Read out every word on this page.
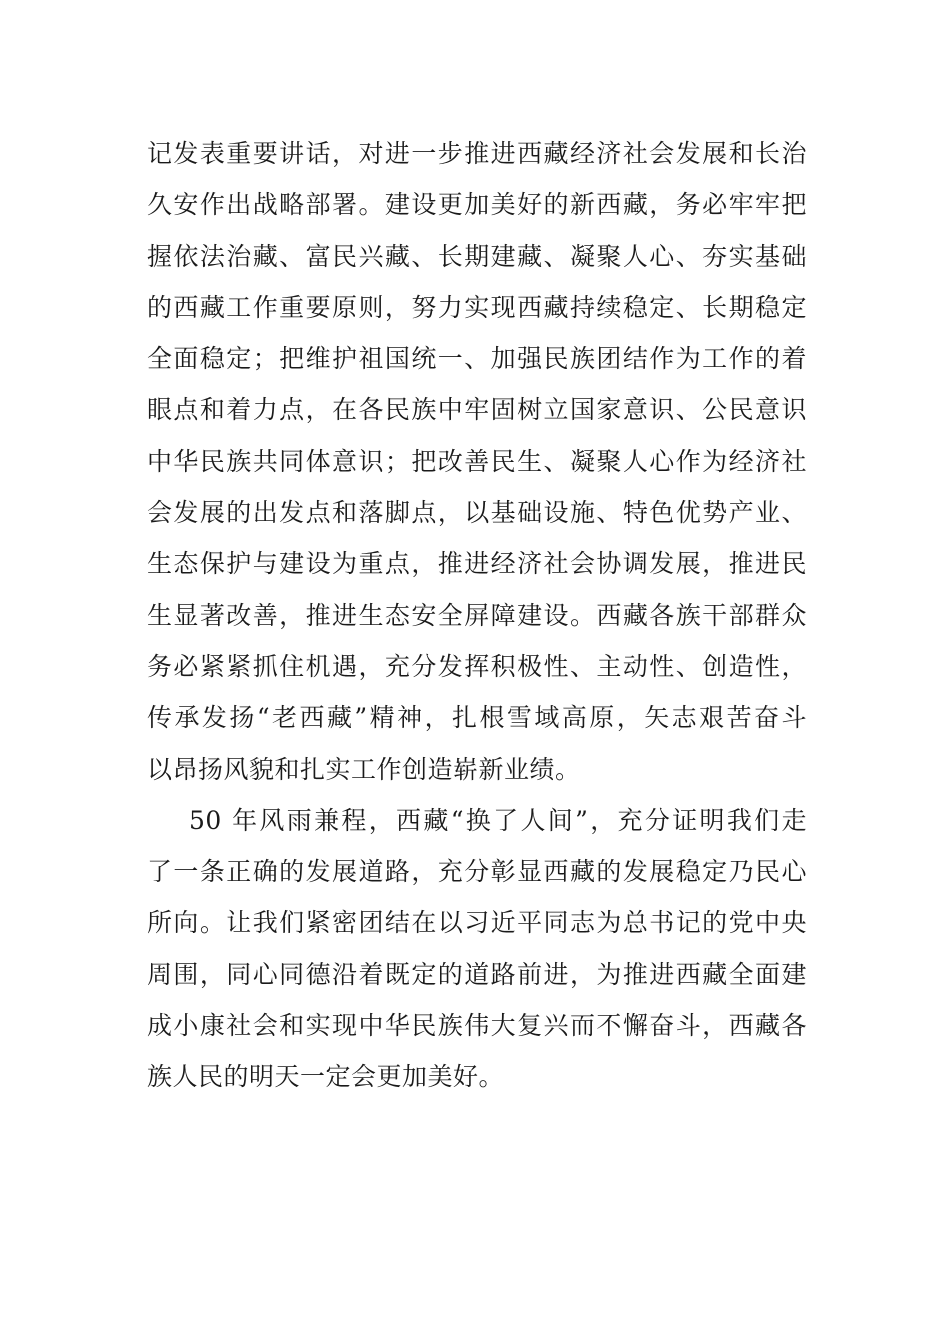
记发表重要讲话，对进一步推进西藏经济社会发展和长治
久安作出战略部署。建设更加美好的新西藏，务必牢牢把
握依法治藏、富民兴藏、长期建藏、凝聚人心、夯实基础
的西藏工作重要原则，努力实现西藏持续稳定、长期稳定
全面稳定；把维护祖国统一、加强民族团结作为工作的着
眼点和着力点，在各民族中牢固树立国家意识、公民意识
中华民族共同体意识；把改善民生、凝聚人心作为经济社
会发展的出发点和落脚点，以基础设施、特色优势产业、
生态保护与建设为重点，推进经济社会协调发展，推进民
生显著改善，推进生态安全屏障建设。西藏各族干部群众
务必紧紧抓住机遇，充分发挥积极性、主动性、创造性，
传承发扬“老西藏”精神，扎根雪域高原，矢志艰苦奋斗
以昂扬风貌和扎实工作创造崭新业绩。
50 年风雨兼程，西藏“换了人间”，充分证明我们走
了一条正确的发展道路，充分彰显西藏的发展稳定乃民心
所向。让我们紧密团结在以习近平同志为总书记的党中央
周围，同心同德沿着既定的道路前进，为推进西藏全面建
成小康社会和实现中华民族伟大复兴而不懈奋斗，西藏各
族人民的明天一定会更加美好。
